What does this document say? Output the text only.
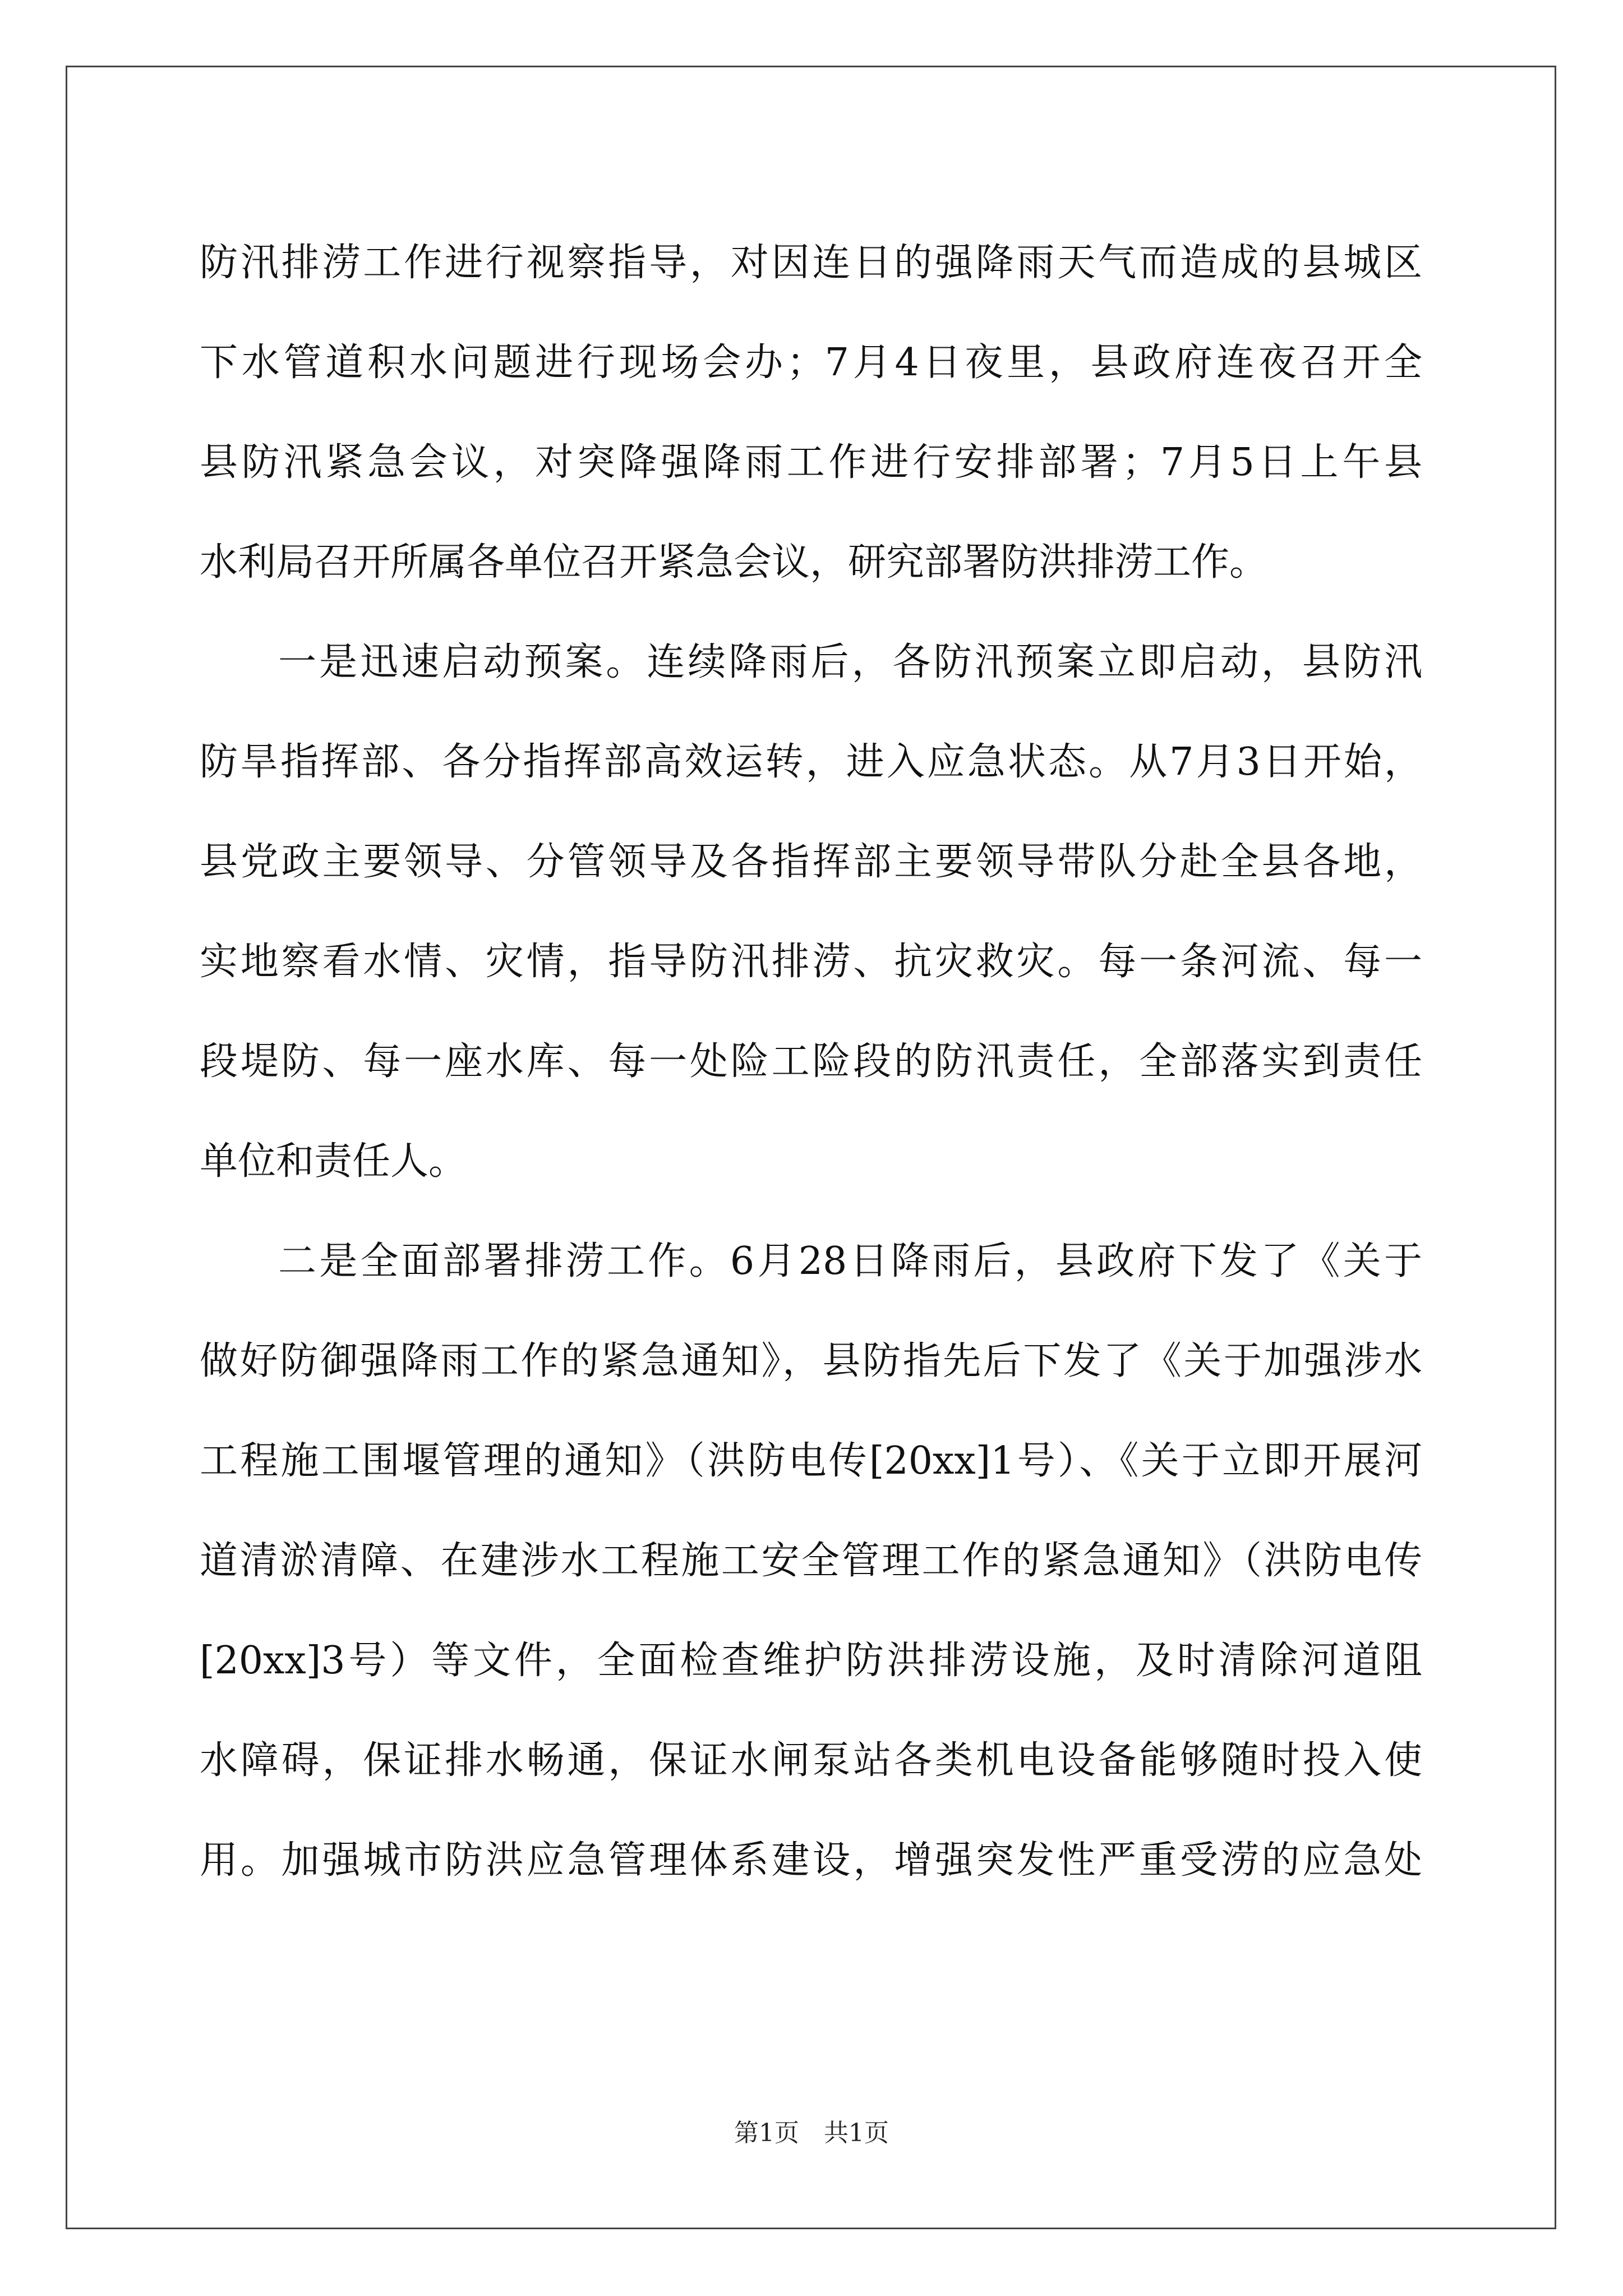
防汛排涝工作进行视察指导，对因连日的强降雨天气而造成的县城区
下水管道积水问题进行现场会办；7月4日夜里，县政府连夜召开全
县防汛紧急会议，对突降强降雨工作进行安排部署；7月5日上午县
水利局召开所属各单位召开紧急会议，研究部署防洪排涝工作。
一是迅速启动预案。连续降雨后，各防汛预案立即启动，县防汛
防旱指挥部、各分指挥部高效运转，进入应急状态。从7月3日开始，
县党政主要领导、分管领导及各指挥部主要领导带队分赴全县各地，
实地察看水情、灾情，指导防汛排涝、抗灾救灾。每一条河流、每一
段堤防、每一座水库、每一处险工险段的防汛责任，全部落实到责任
单位和责任人。
二是全面部署排涝工作。6月28日降雨后，县政府下发了《关于
做好防御强降雨工作的紧急通知》，县防指先后下发了《关于加强涉水
工程施工围堰管理的通知》（洪防电传[20xx]1号）、《关于立即开展河
道清淤清障、在建涉水工程施工安全管理工作的紧急通知》（洪防电传
[20xx]3号）等文件，全面检查维护防洪排涝设施，及时清除河道阻
水障碍，保证排水畅通，保证水闸泵站各类机电设备能够随时投入使
用。加强城市防洪应急管理体系建设，增强突发性严重受涝的应急处
第1页　共1页
